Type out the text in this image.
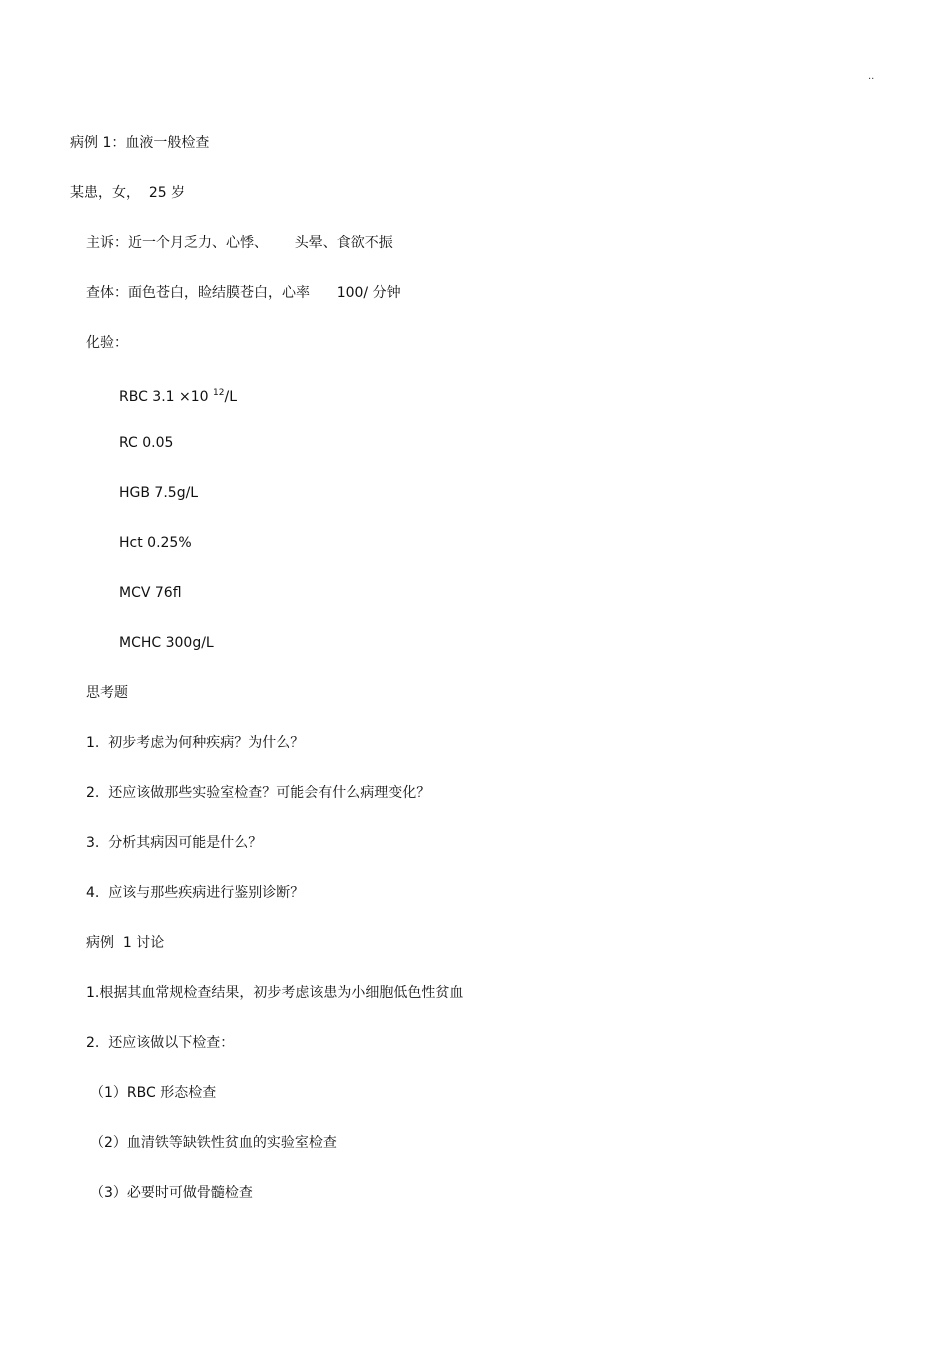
··
病例 1：血液一般检查
某患，女，  25 岁
主诉：近一个月乏力、心悸、      头晕、食欲不振
查体：面色苍白，睑结膜苍白，心率      100/ 分钟
化验：
RBC 3.1 ×10 $^{12}$/L
RC 0.05
HGB 7.5g/L
Hct 0.25%
MCV 76fl
MCHC 300g/L
思考题
1.  初步考虑为何种疾病？为什么？
2.  还应该做那些实验室检查？可能会有什么病理变化？
3.  分析其病因可能是什么？
4.  应该与那些疾病进行鉴别诊断？
病例  1 讨论
1.根据其血常规检查结果，初步考虑该患为小细胞低色性贫血
2.  还应该做以下检查：
（1）RBC 形态检查
（2）血清铁等缺铁性贫血的实验室检查
（3）必要时可做骨髓检查
